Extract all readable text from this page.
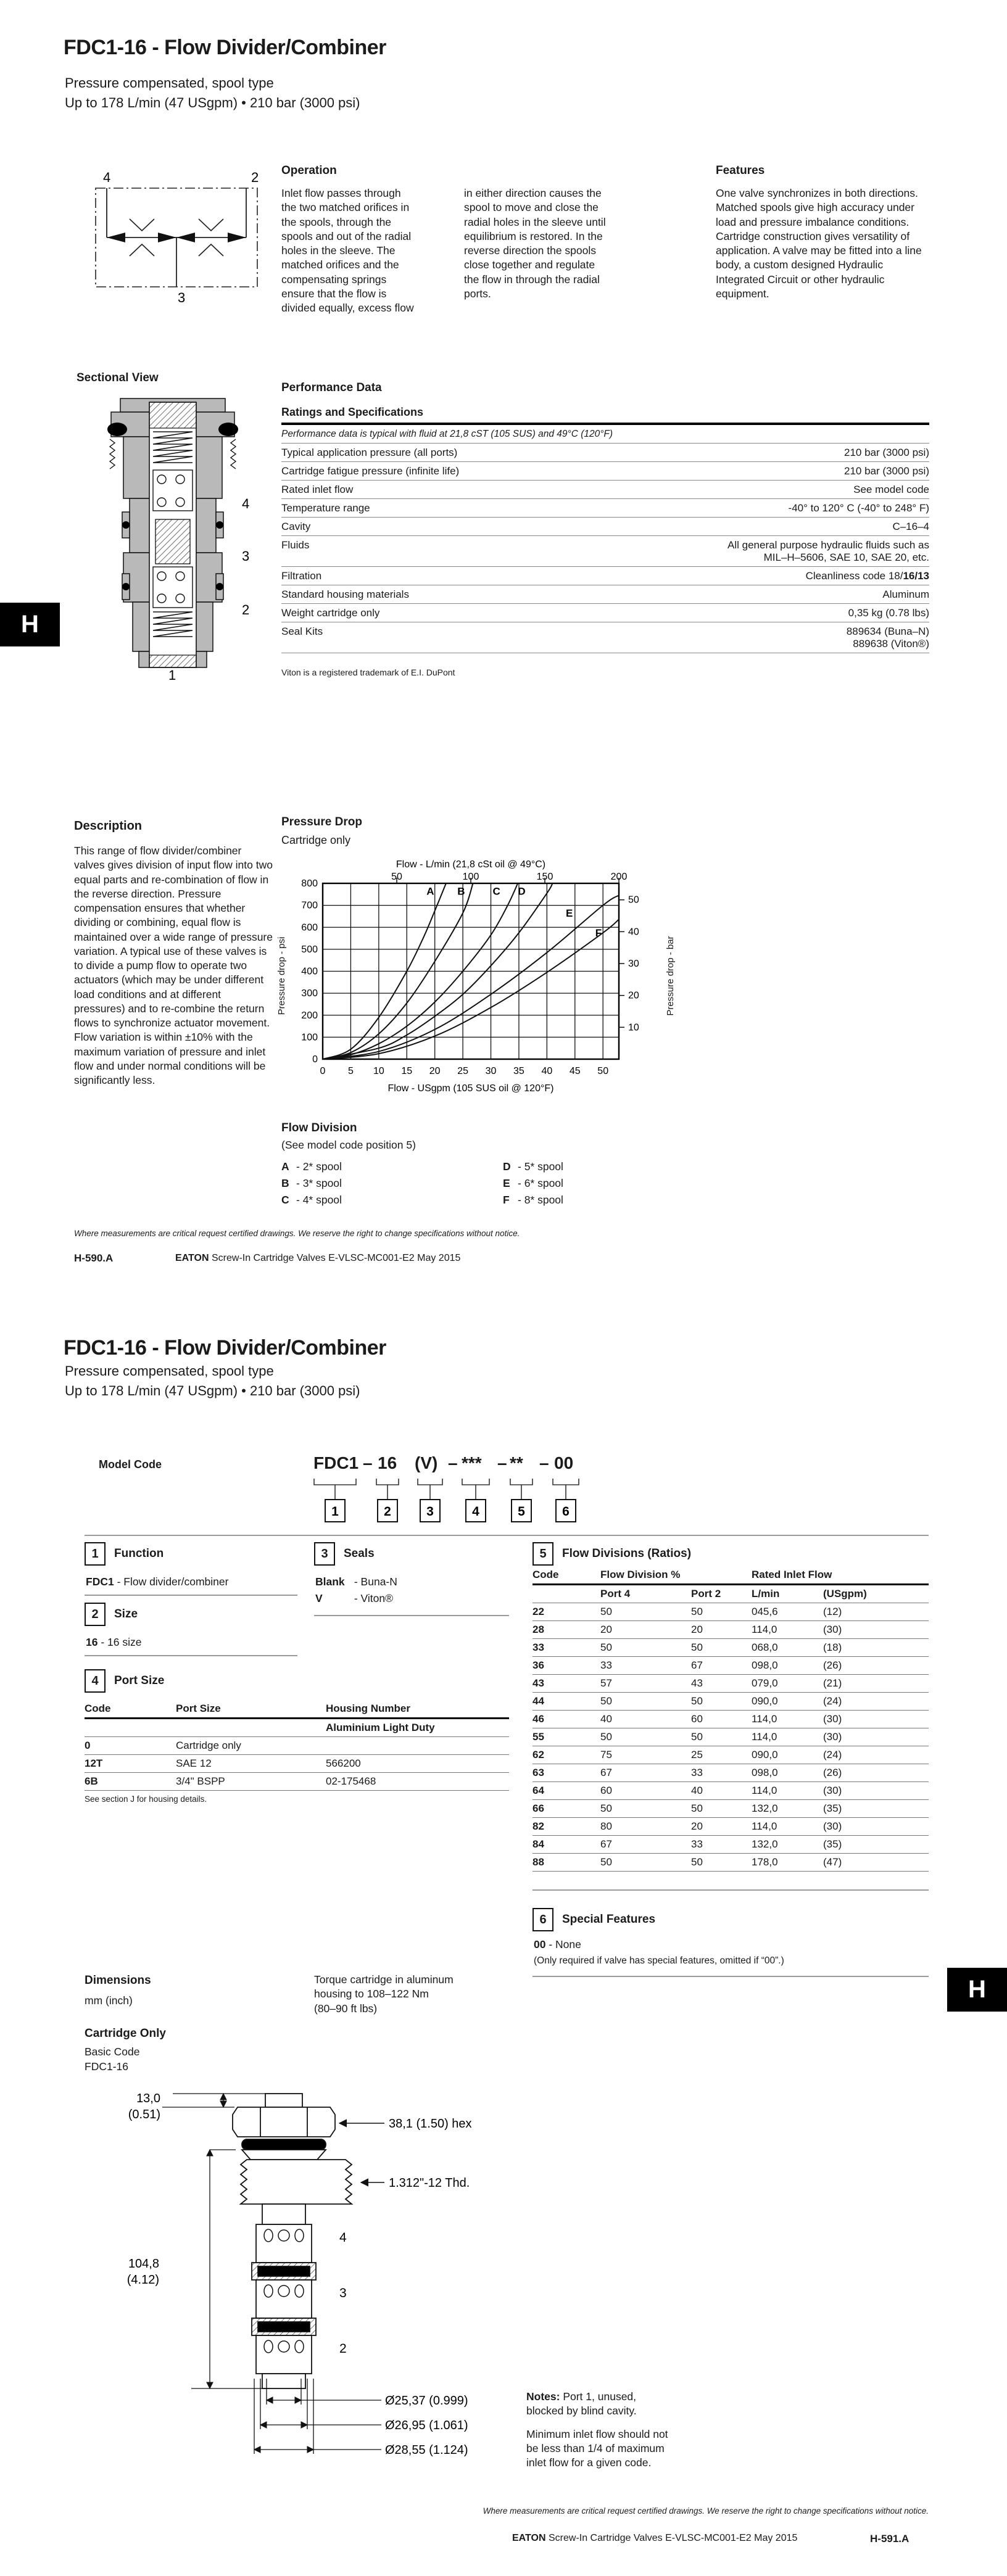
FDC1-16 - Flow Divider/Combiner
Pressure compensated, spool type
Up to 178 L/min (47 USgpm) • 210 bar (3000 psi)
4	2
3
Operation
Inlet flow passes through the two matched orifices in the spools, through the spools and out of the radial holes in the sleeve. The matched orifices and the compensating springs ensure that the flow is divided equally, excess flow
in either direction causes the spool to move and close the radial holes in the sleeve until equilibrium is restored. In the reverse direction the spools close together and regulate the flow in through the radial ports.
Features
One valve synchronizes in both directions. Matched spools give high accuracy under load and pressure imbalance conditions. Cartridge construction gives versatility of application. A valve may be fitted into a line body, a custom designed Hydraulic Integrated Circuit or other hydraulic equipment.
Sectional View
4
3
2
1
H
Performance Data
Ratings and Specifications
Performance data is typical with fluid at 21,8 cST (105 SUS) and 49°C (120°F)
Typical application pressure (all ports)	210 bar (3000 psi)
Cartridge fatigue pressure (infinite life)	210 bar (3000 psi)
Rated inlet flow	See model code
Temperature range	-40° to 120° C (-40° to 248° F)
Cavity	C–16–4
Fluids	All general purpose hydraulic fluids such as
MIL–H–5606, SAE 10, SAE 20, etc.
Filtration	Cleanliness code 18/16/13
Standard housing materials	Aluminum
Weight cartridge only	0,35 kg (0.78 lbs)
Seal Kits	889634 (Buna–N)
889638 (Viton®)
Viton is a registered trademark of E.I. DuPont
Description
This range of flow divider/combiner valves gives division of input flow into two equal parts and re-combination of flow in the reverse direction. Pressure compensation ensures that whether dividing or combining, equal flow is maintained over a wide range of pressure variation. A typical use of these valves is to divide a pump flow to operate two actuators (which may be under different load conditions and at different pressures) and to re-combine the return flows to synchronize actuator movement. Flow variation is within ±10% with the maximum variation of pressure and inlet flow and under normal conditions will be significantly less.
Pressure Drop
Cartridge only
Flow - L/min (21,8 cSt oil @ 49°C)
50	100	150	200
0
100
200
300
400
500
600
700
800
10
20
30
40
50
0 5 10 15 20 25 30 35 40 45 50
Flow - USgpm (105 SUS oil @ 120°F)
A B	C D
E
F
Pressure drop - psi	Pressure drop - bar
Flow Division
(See model code position 5)
A - 2* spool
B - 3* spool
C - 4* spool
D - 5* spool
E - 6* spool
F - 8* spool
Where measurements are critical request certified drawings. We reserve the right to change specifications without notice.
H-590.A	EATON Screw-In Cartridge Valves E-VLSC-MC001-E2 May 2015
FDC1-16 - Flow Divider/Combiner
Pressure compensated, spool type
Up to 178 L/min (47 USgpm) • 210 bar (3000 psi)
Model Code	FDC1 – 16 (V) – *** – ** – 00
1	2	3	4	5	6
1	Function
FDC1 - Flow divider/combiner
2	Size
16 - 16 size
3	Seals
Blank - Buna-N
V	- Viton®
4	Port Size
Code	Port Size	Housing Number
Aluminium Light Duty
0	Cartridge only
12T	SAE 12	566200
6B	3/4" BSPP	02-175468
See section J for housing details.
5	Flow Divisions (Ratios)
Code	Flow Division %	Rated Inlet Flow
Port 4	Port 2	L/min	(USgpm)
22	50	50	045,6	(12)
28	20	20	114,0	(30)
33	50	50	068,0	(18)
36	33	67	098,0	(26)
43	57	43	079,0	(21)
44	50	50	090,0	(24)
46	40	60	114,0	(30)
55	50	50	114,0	(30)
62	75	25	090,0	(24)
63	67	33	098,0	(26)
64	60	40	114,0	(30)
66	50	50	132,0	(35)
82	80	20	114,0	(30)
84	67	33	132,0	(35)
88	50	50	178,0	(47)
6	Special Features
00 - None
(Only required if valve has special features, omitted if “00”.)
H
Dimensions
mm (inch)
Torque cartridge in aluminum
housing to 108–122 Nm
(80–90 ft lbs)
Cartridge Only
Basic Code
FDC1-16
13,0
(0.51)
38,1 (1.50) hex
1.312"-12 Thd.
104,8
(4.12)
4
3
2
Ø25,37 (0.999)
Ø26,95 (1.061)
Ø28,55 (1.124)
Notes: Port 1, unused,
blocked by blind cavity.
Minimum inlet flow should not
be less than 1/4 of maximum
inlet flow for a given code.
Where measurements are critical request certified drawings. We reserve the right to change specifications without notice.
EATON Screw-In Cartridge Valves E-VLSC-MC001-E2 May 2015	H-591.A
